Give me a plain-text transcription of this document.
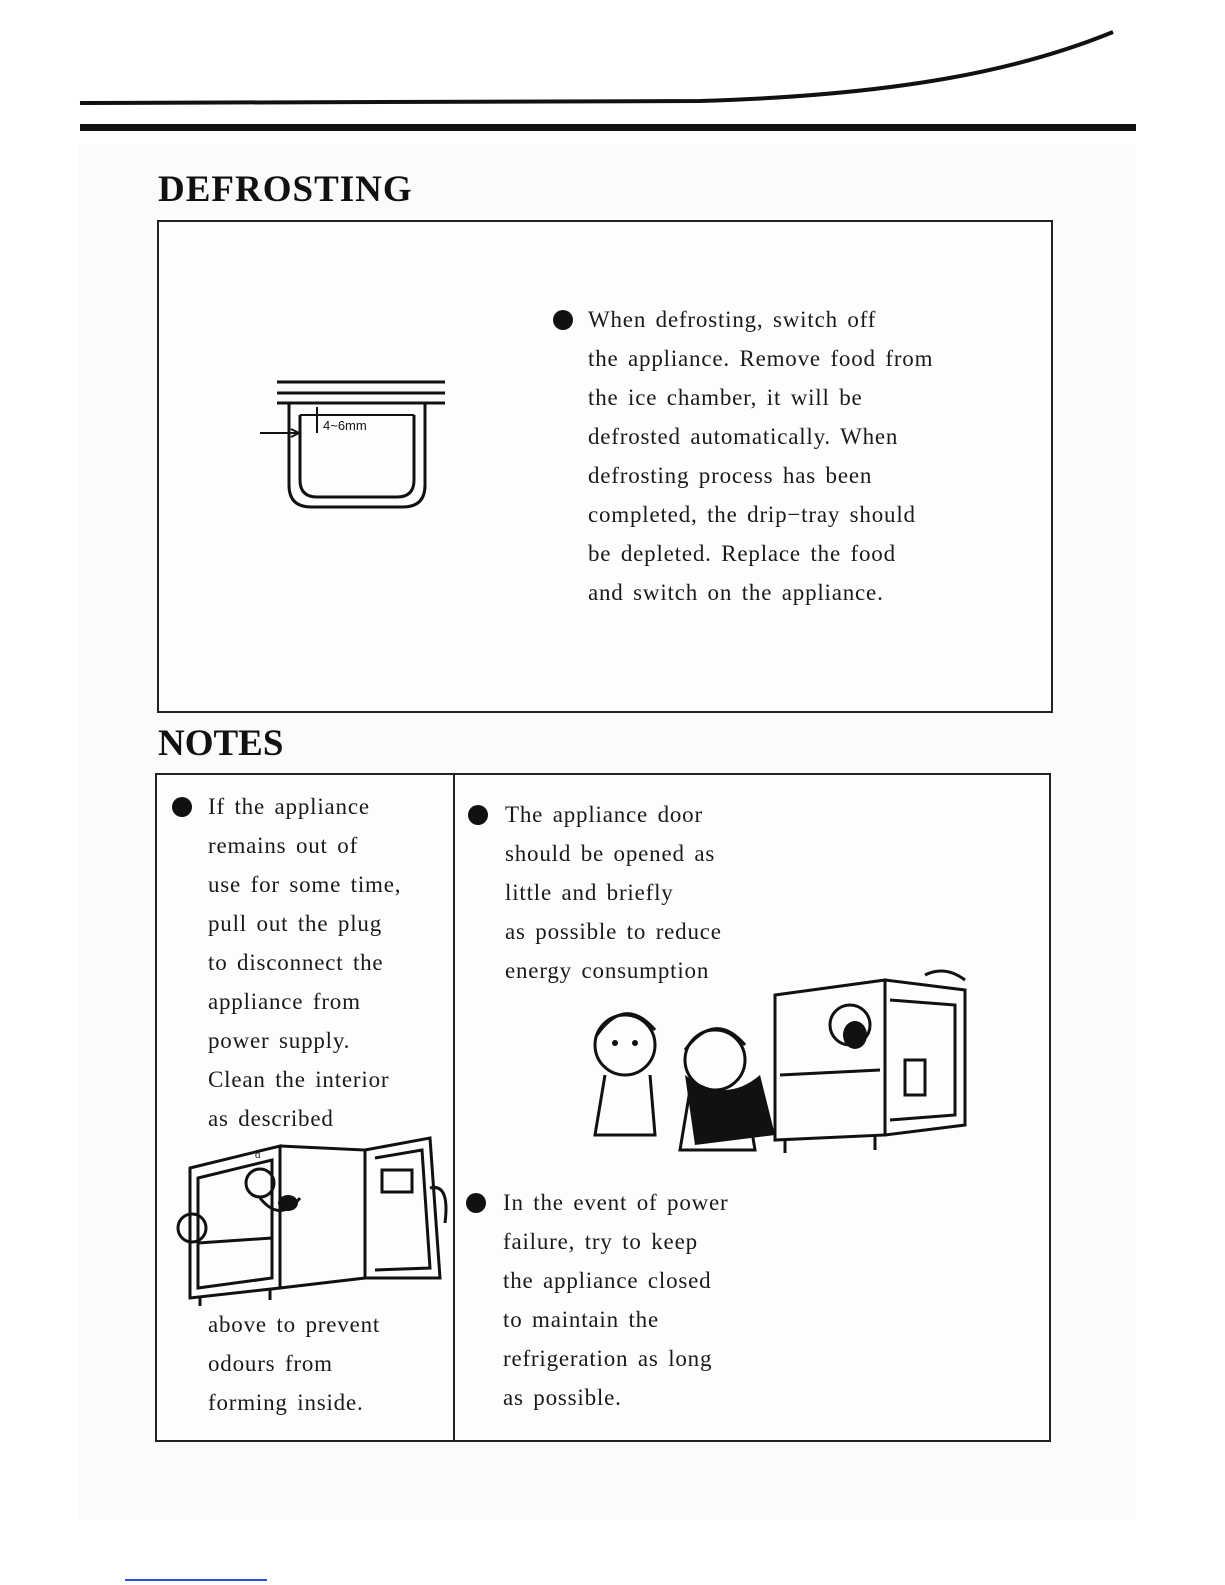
DEFROSTING
4~6mm

When defrosting, switch off
the appliance. Remove food from
the ice chamber, it will be
defrosted automatically. When
defrosting process has been
completed, the drip−tray should
be depleted. Replace the food
and switch on the appliance.

NOTES

If the appliance
remains out of
use for some time,
pull out the plug
to disconnect the
appliance from
power supply.
Clean the interior
as described

ᵈ

above to prevent
odours from
forming inside.

The appliance door
should be opened as
little and briefly
as possible to reduce
energy consumption

In the event of power
failure, try to keep
the appliance closed
to maintain the
refrigeration as long
as possible.
